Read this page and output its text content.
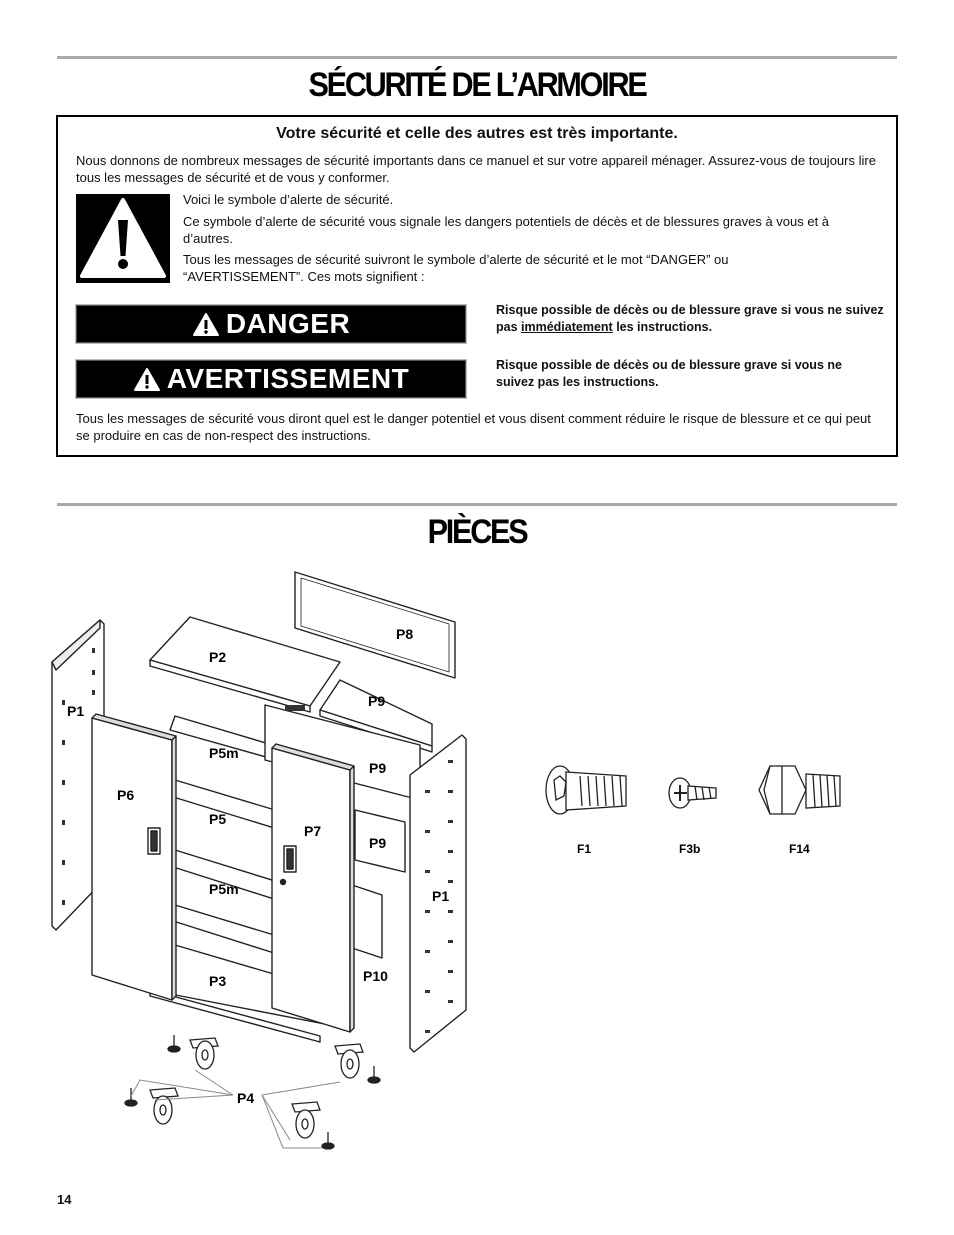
SÉCURITÉ DE L’ARMOIRE
Votre sécurité et celle des autres est très importante.
Nous donnons de nombreux messages de sécurité importants dans ce manuel et sur votre appareil ménager. Assurez-vous de toujours lire tous les messages de sécurité et de vous y conformer.
Voici le symbole d’alerte de sécurité.
Ce symbole d’alerte de sécurité vous signale les dangers potentiels de décès et de blessures graves à vous et à d’autres.
Tous les messages de sécurité suivront le symbole d’alerte de sécurité et le mot “DANGER” ou “AVERTISSEMENT”. Ces mots signifient :
DANGER	Risque possible de décès ou de blessure grave si vous ne suivez pas immédiatement les instructions.
AVERTISSEMENT	Risque possible de décès ou de blessure grave si vous ne suivez pas les instructions.
Tous les messages de sécurité vous diront quel est le danger potentiel et vous disent comment réduire le risque de blessure et ce qui peut se produire en cas de non-respect des instructions.
PIÈCES
P8
P2
P1
P9
P5m
P9
P6
P5
P7
P9
P5m	P1
P10
P3
P4
F1	F3b	F14
14
